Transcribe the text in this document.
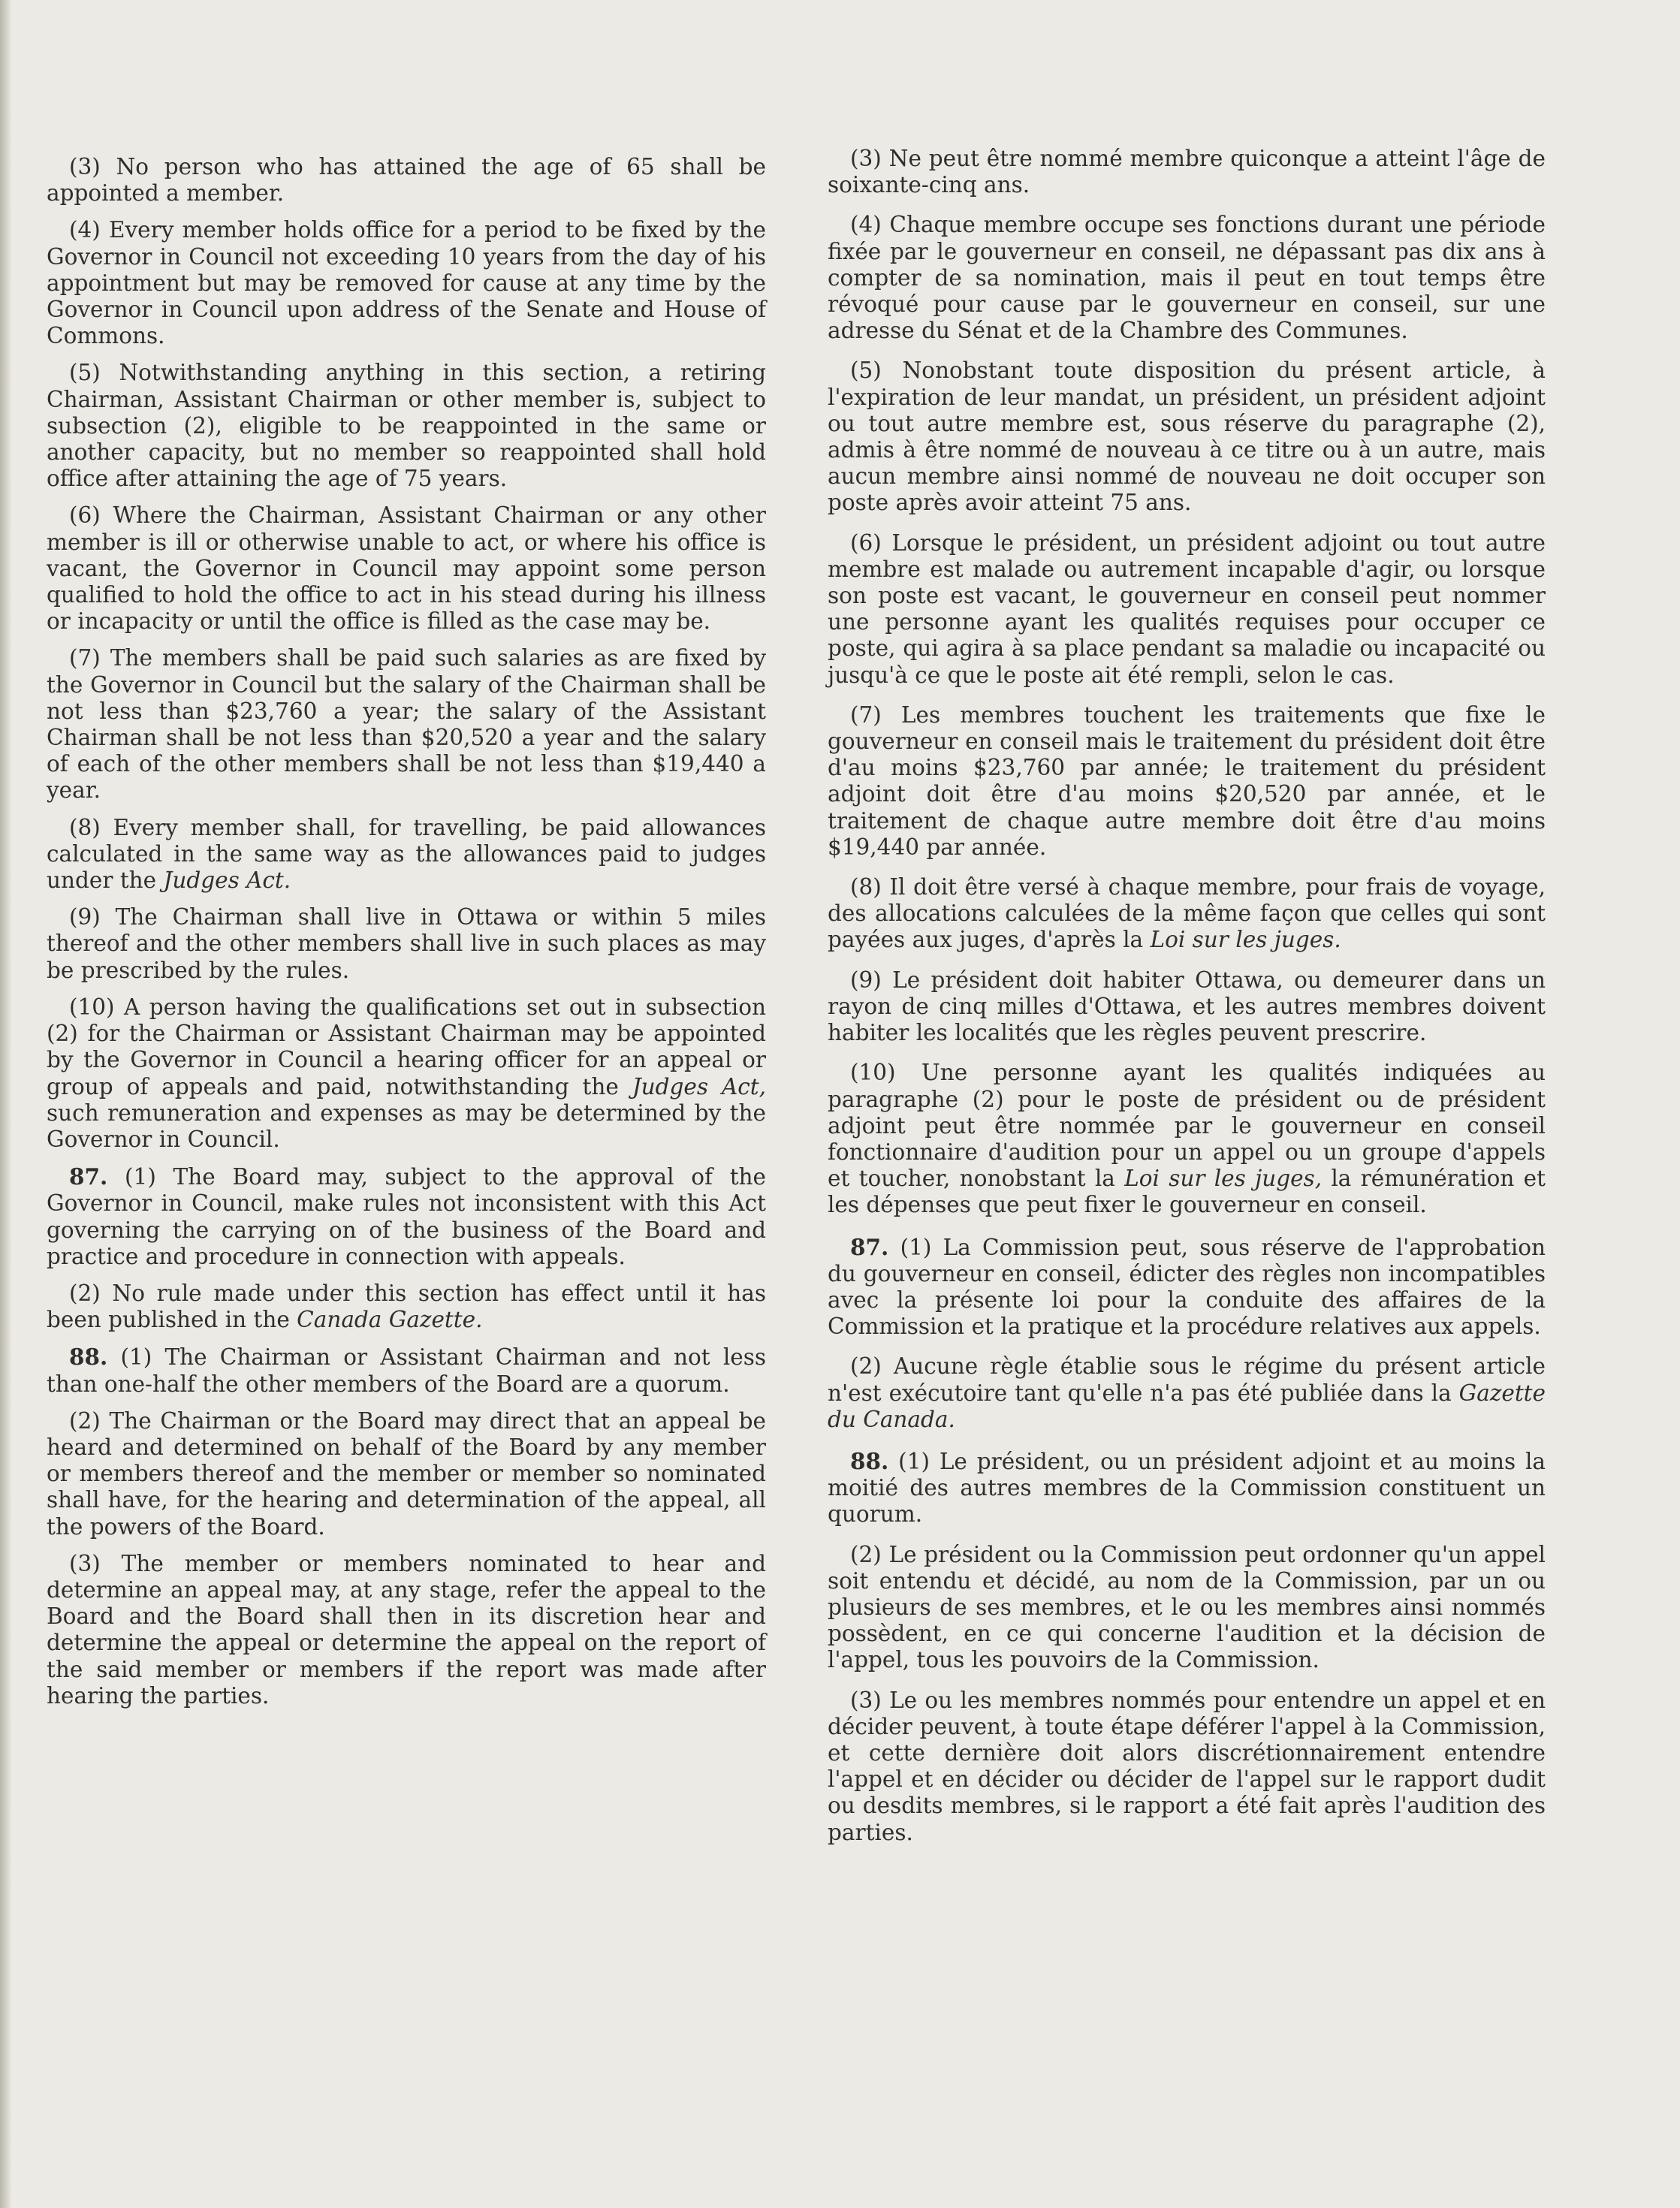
(3) No person who has attained the age of 65 shall be appointed a member.

(4) Every member holds office for a period to be fixed by the Governor in Council not exceeding 10 years from the day of his appointment but may be removed for cause at any time by the Governor in Council upon address of the Senate and House of Commons.

(5) Notwithstanding anything in this section, a retiring Chairman, Assistant Chairman or other member is, subject to subsection (2), eligible to be reappointed in the same or another capacity, but no member so reappointed shall hold office after attaining the age of 75 years.

(6) Where the Chairman, Assistant Chairman or any other member is ill or otherwise unable to act, or where his office is vacant, the Governor in Council may appoint some person qualified to hold the office to act in his stead during his illness or incapacity or until the office is filled as the case may be.

(7) The members shall be paid such salaries as are fixed by the Governor in Council but the salary of the Chairman shall be not less than $23,760 a year; the salary of the Assistant Chairman shall be not less than $20,520 a year and the salary of each of the other members shall be not less than $19,440 a year.

(8) Every member shall, for travelling, be paid allowances calculated in the same way as the allowances paid to judges under the Judges Act.

(9) The Chairman shall live in Ottawa or within 5 miles thereof and the other members shall live in such places as may be prescribed by the rules.

(10) A person having the qualifications set out in subsection (2) for the Chairman or Assistant Chairman may be appointed by the Governor in Council a hearing officer for an appeal or group of appeals and paid, notwithstanding the Judges Act, such remuneration and expenses as may be determined by the Governor in Council.

87. (1) The Board may, subject to the approval of the Governor in Council, make rules not inconsistent with this Act governing the carrying on of the business of the Board and practice and procedure in connection with appeals.

(2) No rule made under this section has effect until it has been published in the Canada Gazette.

88. (1) The Chairman or Assistant Chairman and not less than one-half the other members of the Board are a quorum.

(2) The Chairman or the Board may direct that an appeal be heard and determined on behalf of the Board by any member or members thereof and the member or member so nominated shall have, for the hearing and determination of the appeal, all the powers of the Board.

(3) The member or members nominated to hear and determine an appeal may, at any stage, refer the appeal to the Board and the Board shall then in its discretion hear and determine the appeal or determine the appeal on the report of the said member or members if the report was made after hearing the parties.

(3) Ne peut être nommé membre quiconque a atteint l'âge de soixante-cinq ans.

(4) Chaque membre occupe ses fonctions durant une période fixée par le gouverneur en conseil, ne dépassant pas dix ans à compter de sa nomination, mais il peut en tout temps être révoqué pour cause par le gouverneur en conseil, sur une adresse du Sénat et de la Chambre des Communes.

(5) Nonobstant toute disposition du présent article, à l'expiration de leur mandat, un président, un président adjoint ou tout autre membre est, sous réserve du paragraphe (2), admis à être nommé de nouveau à ce titre ou à un autre, mais aucun membre ainsi nommé de nouveau ne doit occuper son poste après avoir atteint 75 ans.

(6) Lorsque le président, un président adjoint ou tout autre membre est malade ou autrement incapable d'agir, ou lorsque son poste est vacant, le gouverneur en conseil peut nommer une personne ayant les qualités requises pour occuper ce poste, qui agira à sa place pendant sa maladie ou incapacité ou jusqu'à ce que le poste ait été rempli, selon le cas.

(7) Les membres touchent les traitements que fixe le gouverneur en conseil mais le traitement du président doit être d'au moins $23,760 par année; le traitement du président adjoint doit être d'au moins $20,520 par année, et le traitement de chaque autre membre doit être d'au moins $19,440 par année.

(8) Il doit être versé à chaque membre, pour frais de voyage, des allocations calculées de la même façon que celles qui sont payées aux juges, d'après la Loi sur les juges.

(9) Le président doit habiter Ottawa, ou demeurer dans un rayon de cinq milles d'Ottawa, et les autres membres doivent habiter les localités que les règles peuvent prescrire.

(10) Une personne ayant les qualités indiquées au paragraphe (2) pour le poste de président ou de président adjoint peut être nommée par le gouverneur en conseil fonctionnaire d'audition pour un appel ou un groupe d'appels et toucher, nonobstant la Loi sur les juges, la rémunération et les dépenses que peut fixer le gouverneur en conseil.

87. (1) La Commission peut, sous réserve de l'approbation du gouverneur en conseil, édicter des règles non incompatibles avec la présente loi pour la conduite des affaires de la Commission et la pratique et la procédure relatives aux appels.

(2) Aucune règle établie sous le régime du présent article n'est exécutoire tant qu'elle n'a pas été publiée dans la Gazette du Canada.

88. (1) Le président, ou un président adjoint et au moins la moitié des autres membres de la Commission constituent un quorum.

(2) Le président ou la Commission peut ordonner qu'un appel soit entendu et décidé, au nom de la Commission, par un ou plusieurs de ses membres, et le ou les membres ainsi nommés possèdent, en ce qui concerne l'audition et la décision de l'appel, tous les pouvoirs de la Commission.

(3) Le ou les membres nommés pour entendre un appel et en décider peuvent, à toute étape déférer l'appel à la Commission, et cette dernière doit alors discrétionnairement entendre l'appel et en décider ou décider de l'appel sur le rapport dudit ou desdits membres, si le rapport a été fait après l'audition des parties.
